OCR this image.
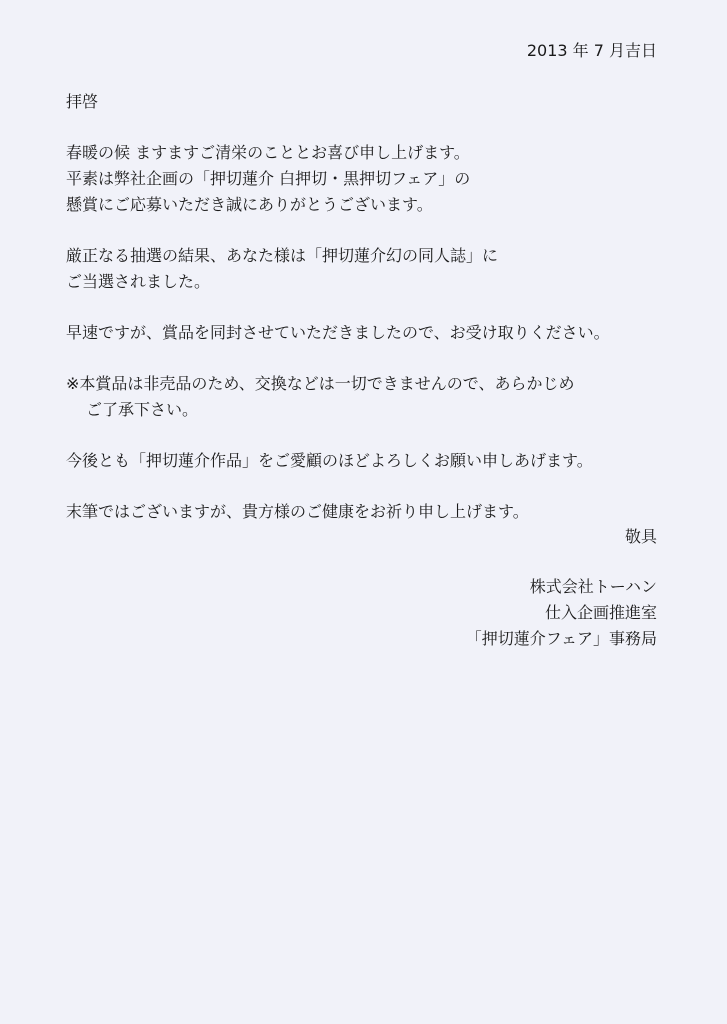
2013 年 7 月吉日
拝啓
春暖の候 ますますご清栄のこととお喜び申し上げます。
平素は弊社企画の「押切蓮介 白押切・黒押切フェア」の
懸賞にご応募いただき誠にありがとうございます。
厳正なる抽選の結果、あなた様は「押切蓮介幻の同人誌」に
ご当選されました。
早速ですが、賞品を同封させていただきましたので、お受け取りください。
※本賞品は非売品のため、交換などは一切できませんので、あらかじめ
ご了承下さい。
今後とも「押切蓮介作品」をご愛顧のほどよろしくお願い申しあげます。
末筆ではございますが、貴方様のご健康をお祈り申し上げます。
敬具
株式会社トーハン
仕入企画推進室
「押切蓮介フェア」事務局
